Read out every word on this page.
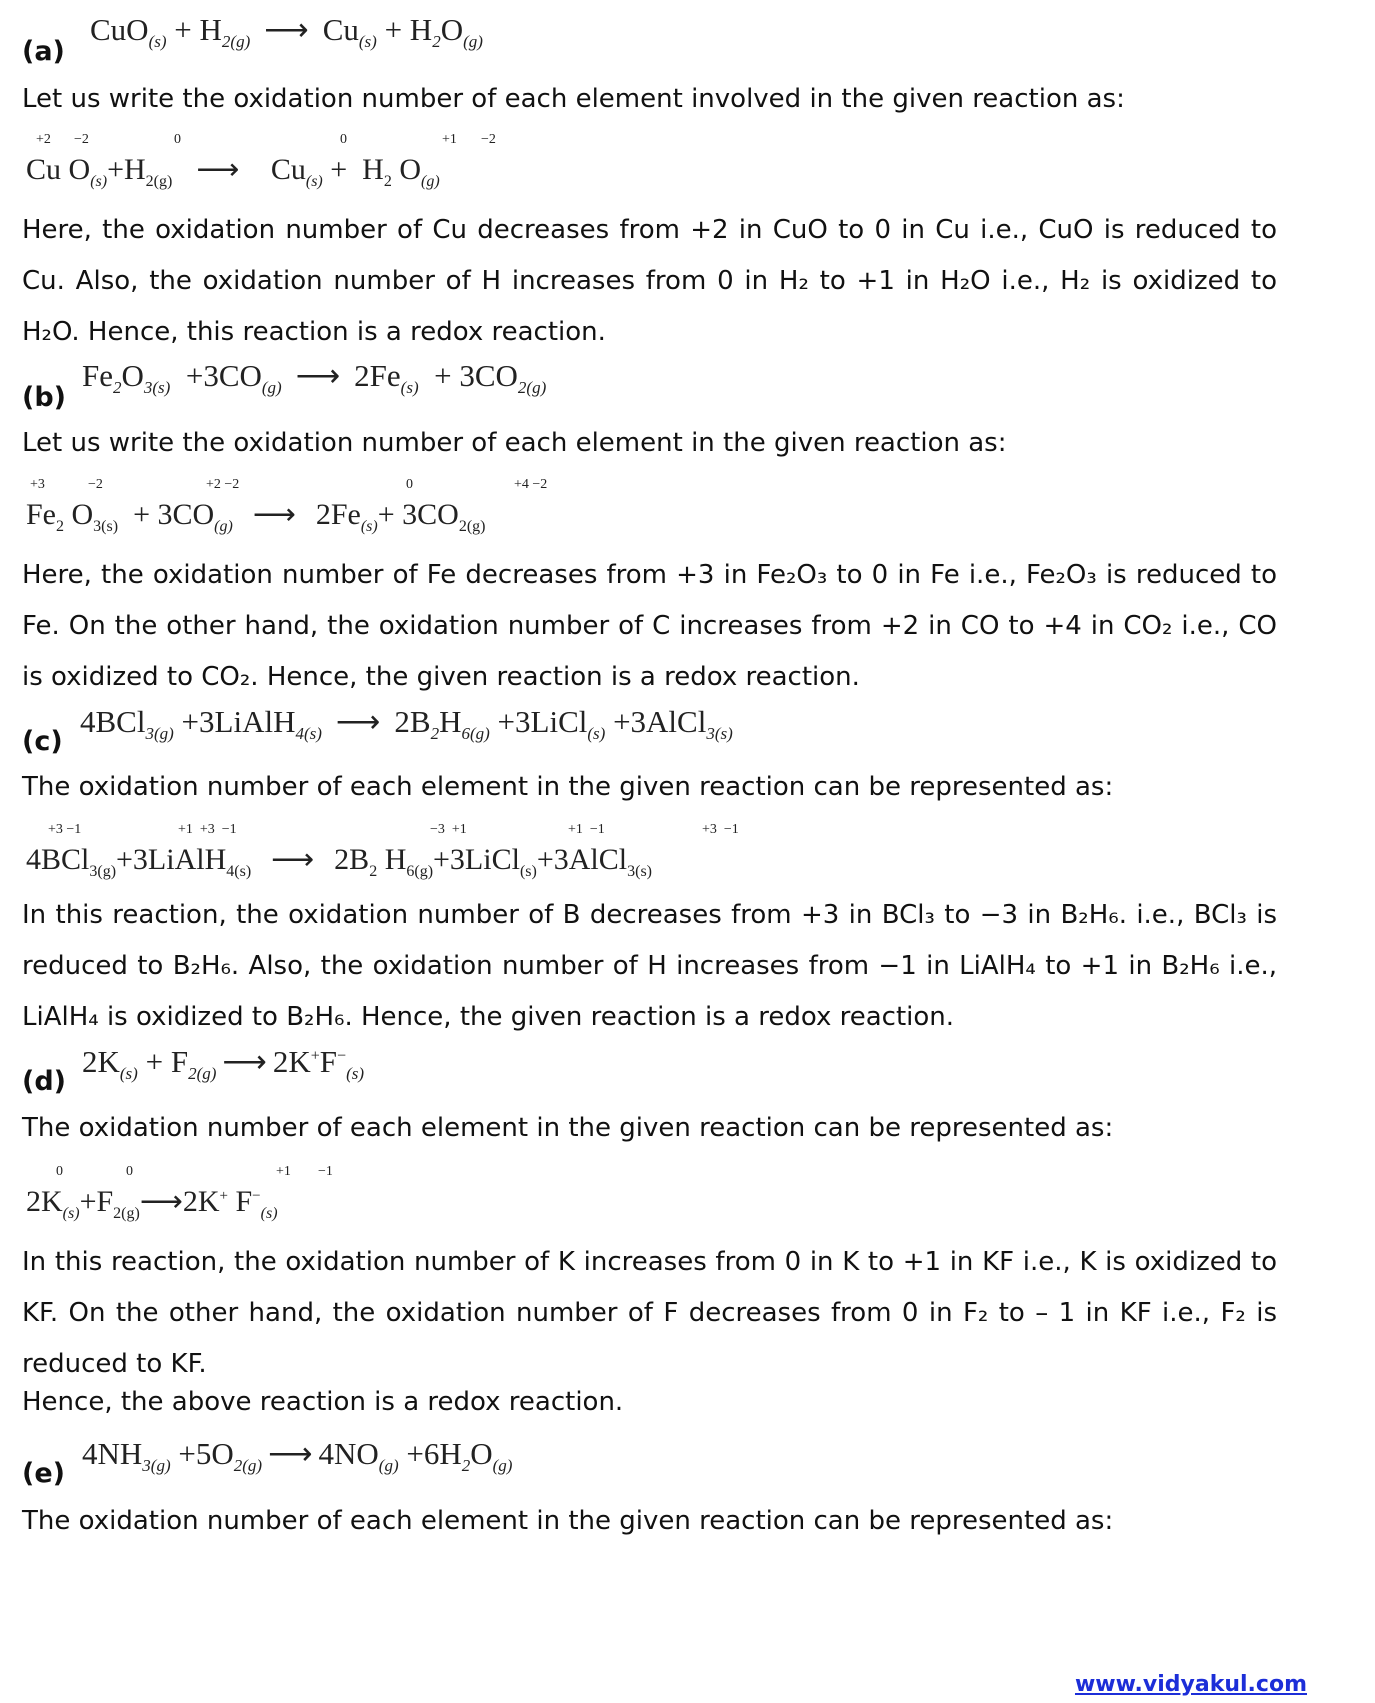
$CuO_{(s)} + H_{2(g)}$ ⟶ $Cu_{(s)} + H_2O_{(g)}$
(a)
Let us write the oxidation number of each element involved in the given reaction as:
+2 −2	0	0	+1 −2
Cu $O_{(s)}+H_{2(g)}$ ⟶ $Cu_{(s)} + H_2$ $O_{(g)}$
Here, the oxidation number of Cu decreases from +2 in CuO to 0 in Cu i.e., CuO is reduced to Cu. Also, the oxidation number of H increases from 0 in H₂ to +1 in H₂O i.e., H₂ is oxidized to H₂O. Hence, this reaction is a redox reaction.
$Fe_2O_{3(s)} +3CO_{(g)}$ ⟶ $2Fe_{(s)} + 3CO_{2(g)}$
(b)
Let us write the oxidation number of each element in the given reaction as:
+3	−2	+2 −2	0	+4 −2
$Fe_2$ $O_{3(s)} + 3CO_{(g)}$ ⟶ $2Fe_{(s)}+ 3CO_{2(g)}$
Here, the oxidation number of Fe decreases from +3 in Fe₂O₃ to 0 in Fe i.e., Fe₂O₃ is reduced to Fe. On the other hand, the oxidation number of C increases from +2 in CO to +4 in CO₂ i.e., CO is oxidized to CO₂. Hence, the given reaction is a redox reaction.
4BCl$_{3(g)}$ +3LiAlH$_{4(s)}$ ⟶ $2B_2H_{6(g)}$ +3LiCl$_{(s)}$ +3AlCl$_{3(s)}$
(c)
The oxidation number of each element in the given reaction can be represented as:
+3 −1	+1  +3  −1	−3  +1	+1  −1	+3  −1
4BCl$_{3(g)}$+3LiAlH$_{4(s)}$ ⟶ $2B_2$ $H_{6(g)}+3LiCl_{(s)}+3AlCl_{3(s)}$
In this reaction, the oxidation number of B decreases from +3 in BCl₃ to −3 in B₂H₆. i.e., BCl₃ is reduced to B₂H₆. Also, the oxidation number of H increases from −1 in LiAlH₄ to +1 in B₂H₆ i.e., LiAlH₄ is oxidized to B₂H₆. Hence, the given reaction is a redox reaction.
$2K_{(s)} + F_{2(g)}$ ⟶ $2K^+F^-_{(s)}$
(d)
The oxidation number of each element in the given reaction can be represented as:
0	0	+1 −1
$2K_{(s)}+F_{2(g)}⟶2K^+$ $F^-_{(s)}$
In this reaction, the oxidation number of K increases from 0 in K to +1 in KF i.e., K is oxidized to KF. On the other hand, the oxidation number of F decreases from 0 in F₂ to – 1 in KF i.e., F₂ is reduced to KF.
Hence, the above reaction is a redox reaction.
$4NH_{3(g)} +5O_{2(g)}$ ⟶ $4NO_{(g)} +6H_2O_{(g)}$
(e)
The oxidation number of each element in the given reaction can be represented as:
www.vidyakul.com
